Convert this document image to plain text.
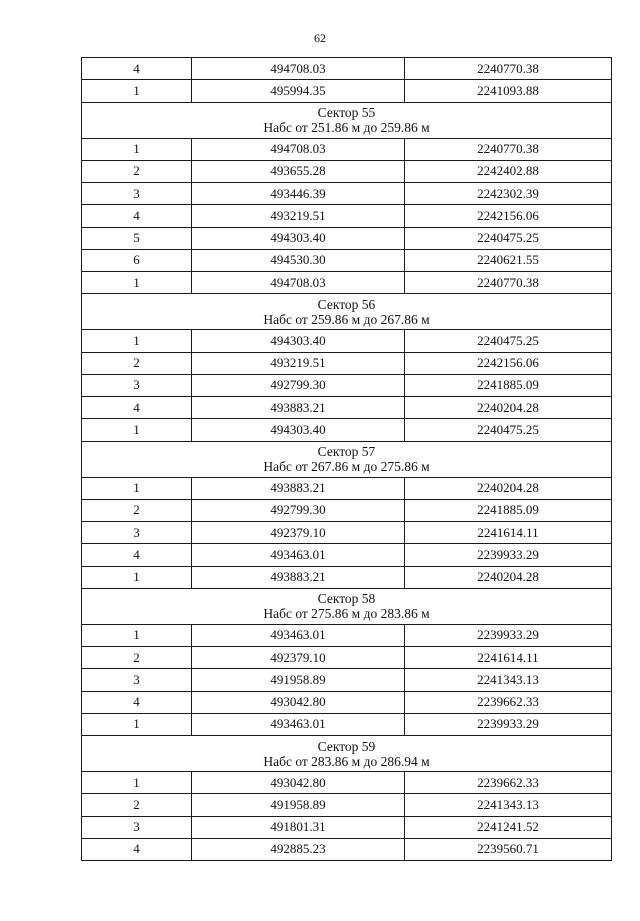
62
4	494708.03	2240770.38
1	495994.35	2241093.88

Сектор 55
Набс от 251.86 м до 259.86 м		

1	494708.03	2240770.38
2	493655.28	2242402.88
3	493446.39	2242302.39
4	493219.51	2242156.06
5	494303.40	2240475.25
6	494530.30	2240621.55
1	494708.03	2240770.38

Сектор 56
Набс от 259.86 м до 267.86 м		

1	494303.40	2240475.25
2	493219.51	2242156.06
3	492799.30	2241885.09
4	493883.21	2240204.28
1	494303.40	2240475.25

Сектор 57
Набс от 267.86 м до 275.86 м		

1	493883.21	2240204.28
2	492799.30	2241885.09
3	492379.10	2241614.11
4	493463.01	2239933.29
1	493883.21	2240204.28

Сектор 58
Набс от 275.86 м до 283.86 м		

1	493463.01	2239933.29
2	492379.10	2241614.11
3	491958.89	2241343.13
4	493042.80	2239662.33
1	493463.01	2239933.29

Сектор 59
Набс от 283.86 м до 286.94 м		

1	493042.80	2239662.33
2	491958.89	2241343.13
3	491801.31	2241241.52
4	492885.23	2239560.71
